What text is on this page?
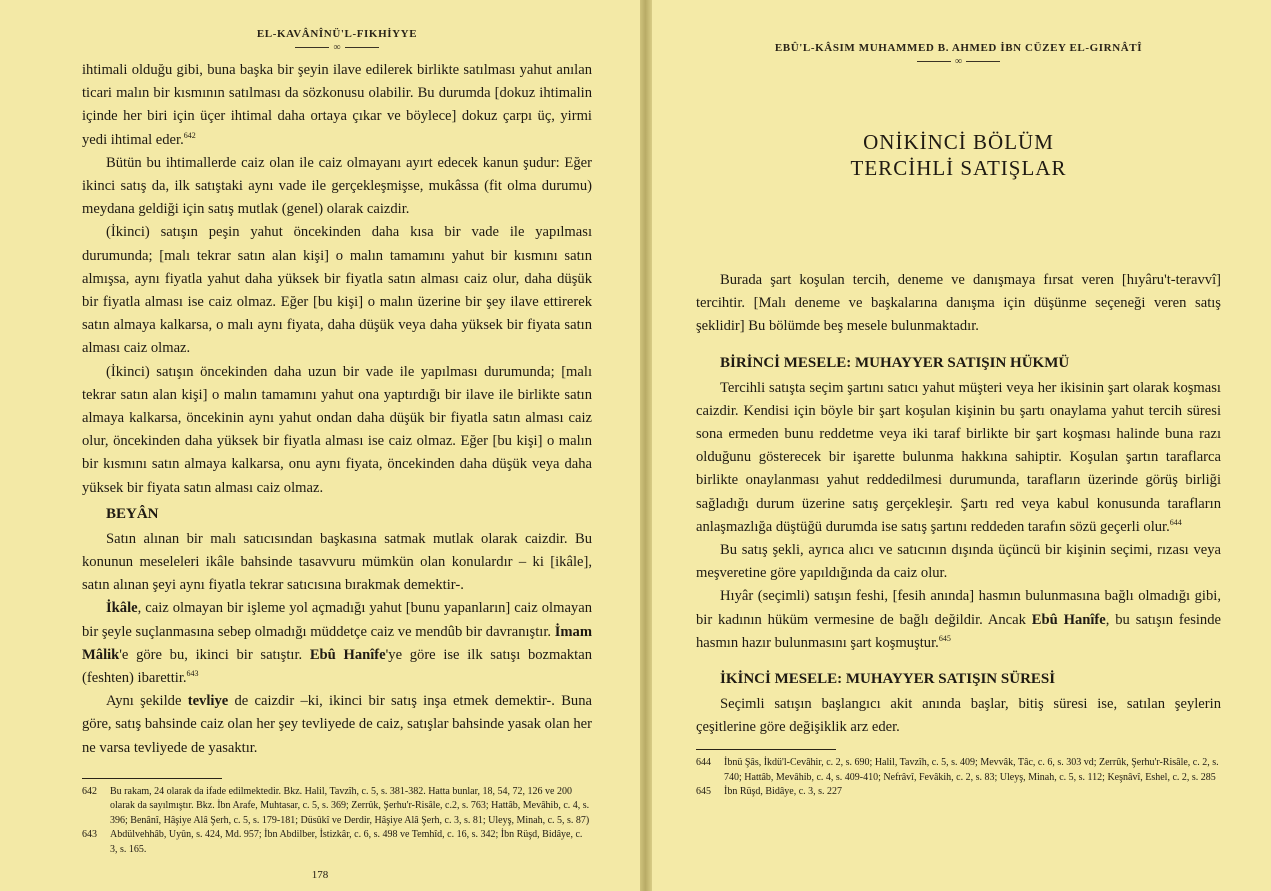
EL-KAVÂNÎNÜ'L-FIKHİYYE
∞

ihtimali olduğu gibi, buna başka bir şeyin ilave edilerek birlikte satılması yahut anılan ticari malın bir kısmının satılması da sözkonusu olabilir. Bu durumda [dokuz ihtimalin içinde her biri için üçer ihtimal daha ortaya çıkar ve böylece] dokuz çarpı üç, yirmi yedi ihtimal eder.$^{642}$

Bütün bu ihtimallerde caiz olan ile caiz olmayanı ayırt edecek kanun şudur: Eğer ikinci satış da, ilk satıştaki aynı vade ile gerçekleşmişse, mukâssa (fit olma durumu) meydana geldiği için satış mutlak (genel) olarak caizdir.

(İkinci) satışın peşin yahut öncekinden daha kısa bir vade ile yapılması durumunda; [malı tekrar satın alan kişi] o malın tamamını yahut bir kısmını satın almışsa, aynı fiyatla yahut daha yüksek bir fiyatla satın alması caiz olur, daha düşük bir fiyatla alması ise caiz olmaz. Eğer [bu kişi] o malın üzerine bir şey ilave ettirerek satın almaya kalkarsa, o malı aynı fiyata, daha düşük veya daha yüksek bir fiyata satın alması caiz olmaz.

(İkinci) satışın öncekinden daha uzun bir vade ile yapılması durumunda; [malı tekrar satın alan kişi] o malın tamamını yahut ona yaptırdığı bir ilave ile birlikte satın almaya kalkarsa, öncekinin aynı yahut ondan daha düşük bir fiyatla satın alması caiz olur, öncekinden daha yüksek bir fiyatla alması ise caiz olmaz. Eğer [bu kişi] o malın bir kısmını satın almaya kalkarsa, onu aynı fiyata, öncekinden daha düşük veya daha yüksek bir fiyata satın alması caiz olmaz.

BEYÂN

Satın alınan bir malı satıcısından başkasına satmak mutlak olarak caizdir. Bu konunun meseleleri ikâle bahsinde tasavvuru mümkün olan konulardır – ki [ikâle], satın alınan şeyi aynı fiyatla tekrar satıcısına bırakmak demektir-.

İkâle, caiz olmayan bir işleme yol açmadığı yahut [bunu yapanların] caiz olmayan bir şeyle suçlanmasına sebep olmadığı müddetçe caiz ve mendûb bir davranıştır. İmam Mâlik'e göre bu, ikinci bir satıştır. Ebû Hanîfe'ye göre ise ilk satışı bozmaktan (feshten) ibarettir.$^{643}$

Aynı şekilde tevliye de caizdir –ki, ikinci bir satış inşa etmek demektir-. Buna göre, satış bahsinde caiz olan her şey tevliyede de caiz, satışlar bahsinde yasak olan her ne varsa tevliyede de yasaktır.

642	Bu rakam, 24 olarak da ifade edilmektedir. Bkz. Halil, Tavzîh, c. 5, s. 381-382. Hatta bunlar, 18, 54, 72, 126 ve 200 olarak da sayılmıştır. Bkz. İbn Arafe, Muhtasar, c. 5, s. 369; Zerrûk, Şerhu'r-Risâle, c.2, s. 763; Hattâb, Mevâhib, c. 4, s. 396; Benânî, Hâşiye Alâ Şerh, c. 5, s. 179-181; Düsûkî ve Derdir, Hâşiye Alâ Şerh, c. 3, s. 81; Uleyş, Minah, c. 5, s. 87)
643	Abdülvehhâb, Uyûn, s. 424, Md. 957; İbn Abdilber, İstizkâr, c. 6, s. 498 ve Temhîd, c. 16, s. 342; İbn Rüşd, Bidâye, c. 3, s. 165.
178
EBÛ'L-KÂSIM MUHAMMED B. AHMED İBN CÜZEY EL-GIRNÂTÎ
∞
ONİKİNCİ BÖLÜM
TERCİHLİ SATIŞLAR

Burada şart koşulan tercih, deneme ve danışmaya fırsat veren [hıyâru't-teravvî] tercihtir. [Malı deneme ve başkalarına danışma için düşünme seçeneği veren satış şeklidir] Bu bölümde beş mesele bulunmaktadır.

BİRİNCİ MESELE: MUHAYYER SATIŞIN HÜKMÜ

Tercihli satışta seçim şartını satıcı yahut müşteri veya her ikisinin şart olarak koşması caizdir. Kendisi için böyle bir şart koşulan kişinin bu şartı onaylama yahut tercih süresi sona ermeden bunu reddetme veya iki taraf birlikte bir şart koşması halinde buna razı olduğunu gösterecek bir işarette bulunma hakkına sahiptir. Koşulan şartın taraflarca birlikte onaylanması yahut reddedilmesi durumunda, tarafların üzerinde görüş birliği sağladığı durum üzerine satış gerçekleşir. Şartı red veya kabul konusunda tarafların anlaşmazlığa düştüğü durumda ise satış şartını reddeden tarafın sözü geçerli olur.$^{644}$

Bu satış şekli, ayrıca alıcı ve satıcının dışında üçüncü bir kişinin seçimi, rızası veya meşveretine göre yapıldığında da caiz olur.

Hıyâr (seçimli) satışın feshi, [fesih anında] hasmın bulunmasına bağlı olmadığı gibi, bir kadının hüküm vermesine de bağlı değildir. Ancak Ebû Hanîfe, bu satışın fesinde hasmın hazır bulunmasını şart koşmuştur.$^{645}$

İKİNCİ MESELE: MUHAYYER SATIŞIN SÜRESİ

Seçimli satışın başlangıcı akit anında başlar, bitiş süresi ise, satılan şeylerin çeşitlerine göre değişiklik arz eder.

644	İbnü Şâs, İkdü'l-Cevâhir, c. 2, s. 690; Halil, Tavzîh, c. 5, s. 409; Mevvâk, Tâc, c. 6, s. 303 vd; Zerrûk, Şerhu'r-Risâle, c. 2, s. 740; Hattâb, Mevâhib, c. 4, s. 409-410; Nefrâvî, Fevâkih, c. 2, s. 83; Uleyş, Minah, c. 5, s. 112; Keşnâvî, Eshel, c. 2, s. 285
645	İbn Rüşd, Bidâye, c. 3, s. 227
